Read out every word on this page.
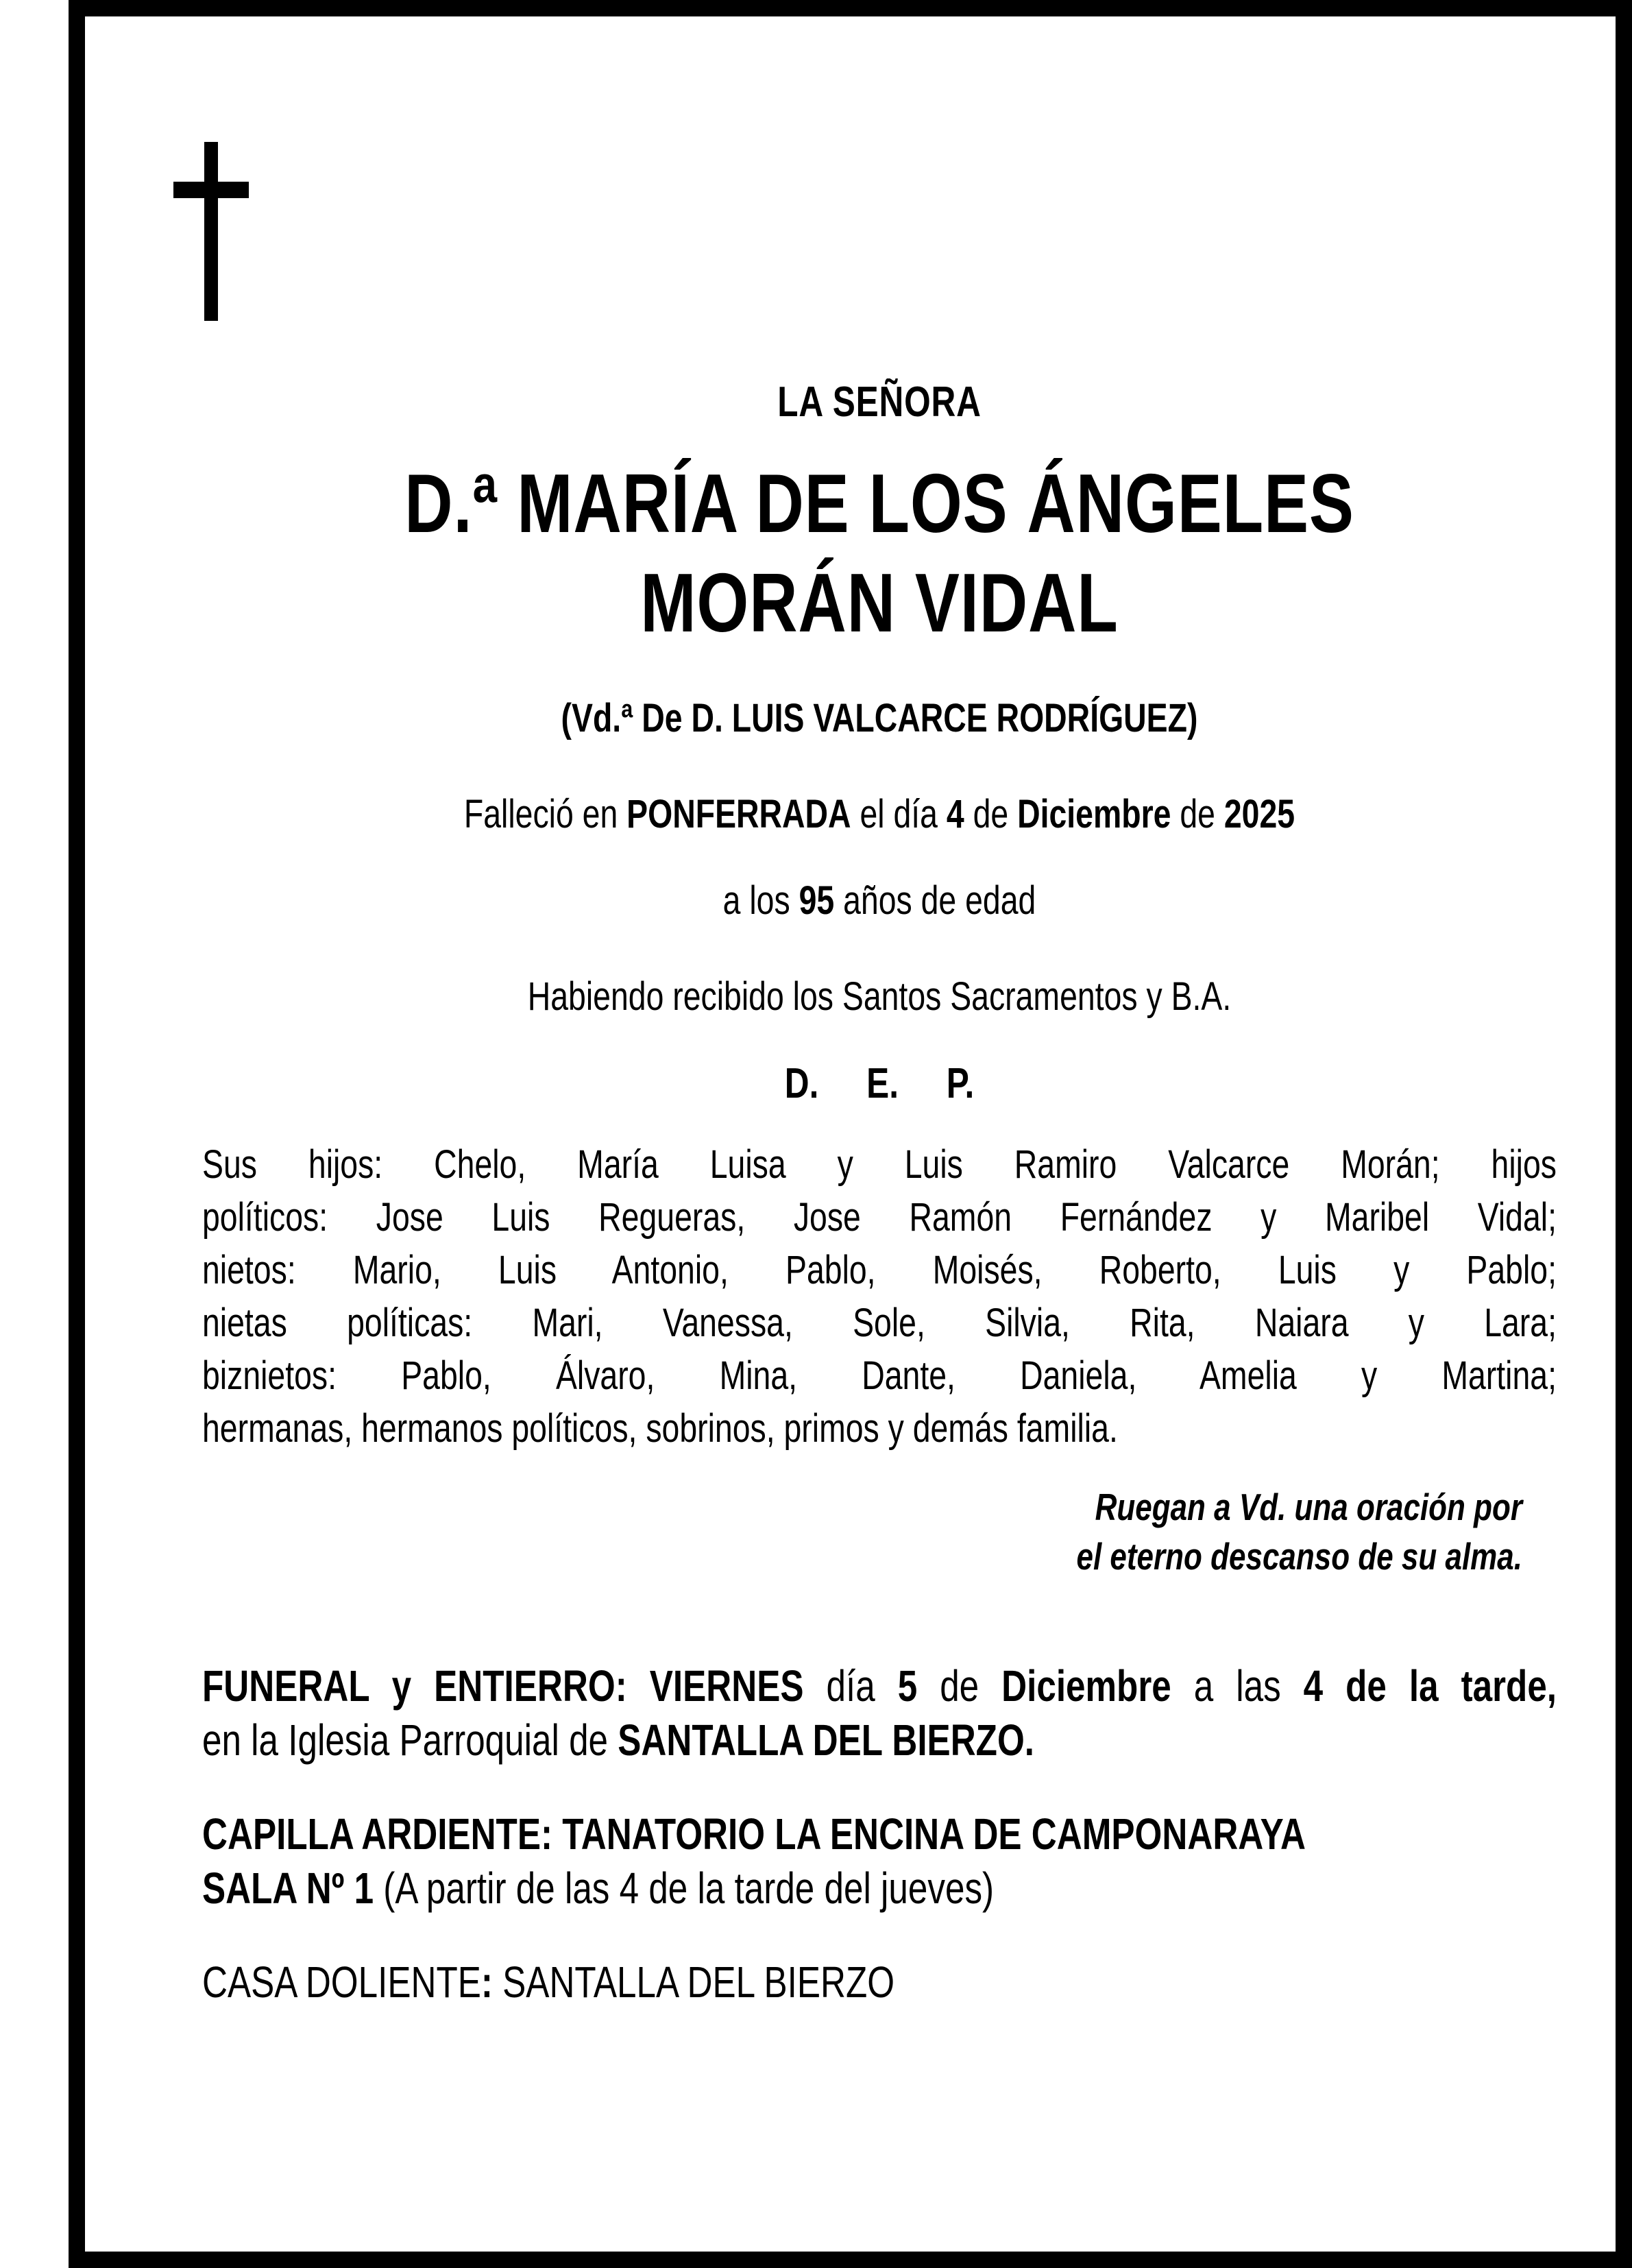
LA SEÑORA
D.ª MARÍA DE LOS ÁNGELES
MORÁN VIDAL
(Vd.ª De D. LUIS VALCARCE RODRÍGUEZ)
Falleció en PONFERRADA el día 4 de Diciembre de 2025
a los 95 años de edad
Habiendo recibido los Santos Sacramentos y B.A.
D. E. P.
Sus hijos: Chelo, María Luisa y Luis Ramiro Valcarce Morán; hijos
políticos: Jose Luis Regueras, Jose Ramón Fernández y Maribel Vidal;
nietos: Mario, Luis Antonio, Pablo, Moisés, Roberto, Luis y Pablo;
nietas políticas: Mari, Vanessa, Sole, Silvia, Rita, Naiara y Lara;
biznietos: Pablo, Álvaro, Mina, Dante, Daniela, Amelia y Martina;
hermanas, hermanos políticos, sobrinos, primos y demás familia.
Ruegan a Vd. una oración por
el eterno descanso de su alma.
FUNERAL y ENTIERRO: VIERNES día 5 de Diciembre a las 4 de la tarde,
en la Iglesia Parroquial de SANTALLA DEL BIERZO.
CAPILLA ARDIENTE: TANATORIO LA ENCINA DE CAMPONARAYA
SALA Nº 1 (A partir de las 4 de la tarde del jueves)
CASA DOLIENTE: SANTALLA DEL BIERZO
